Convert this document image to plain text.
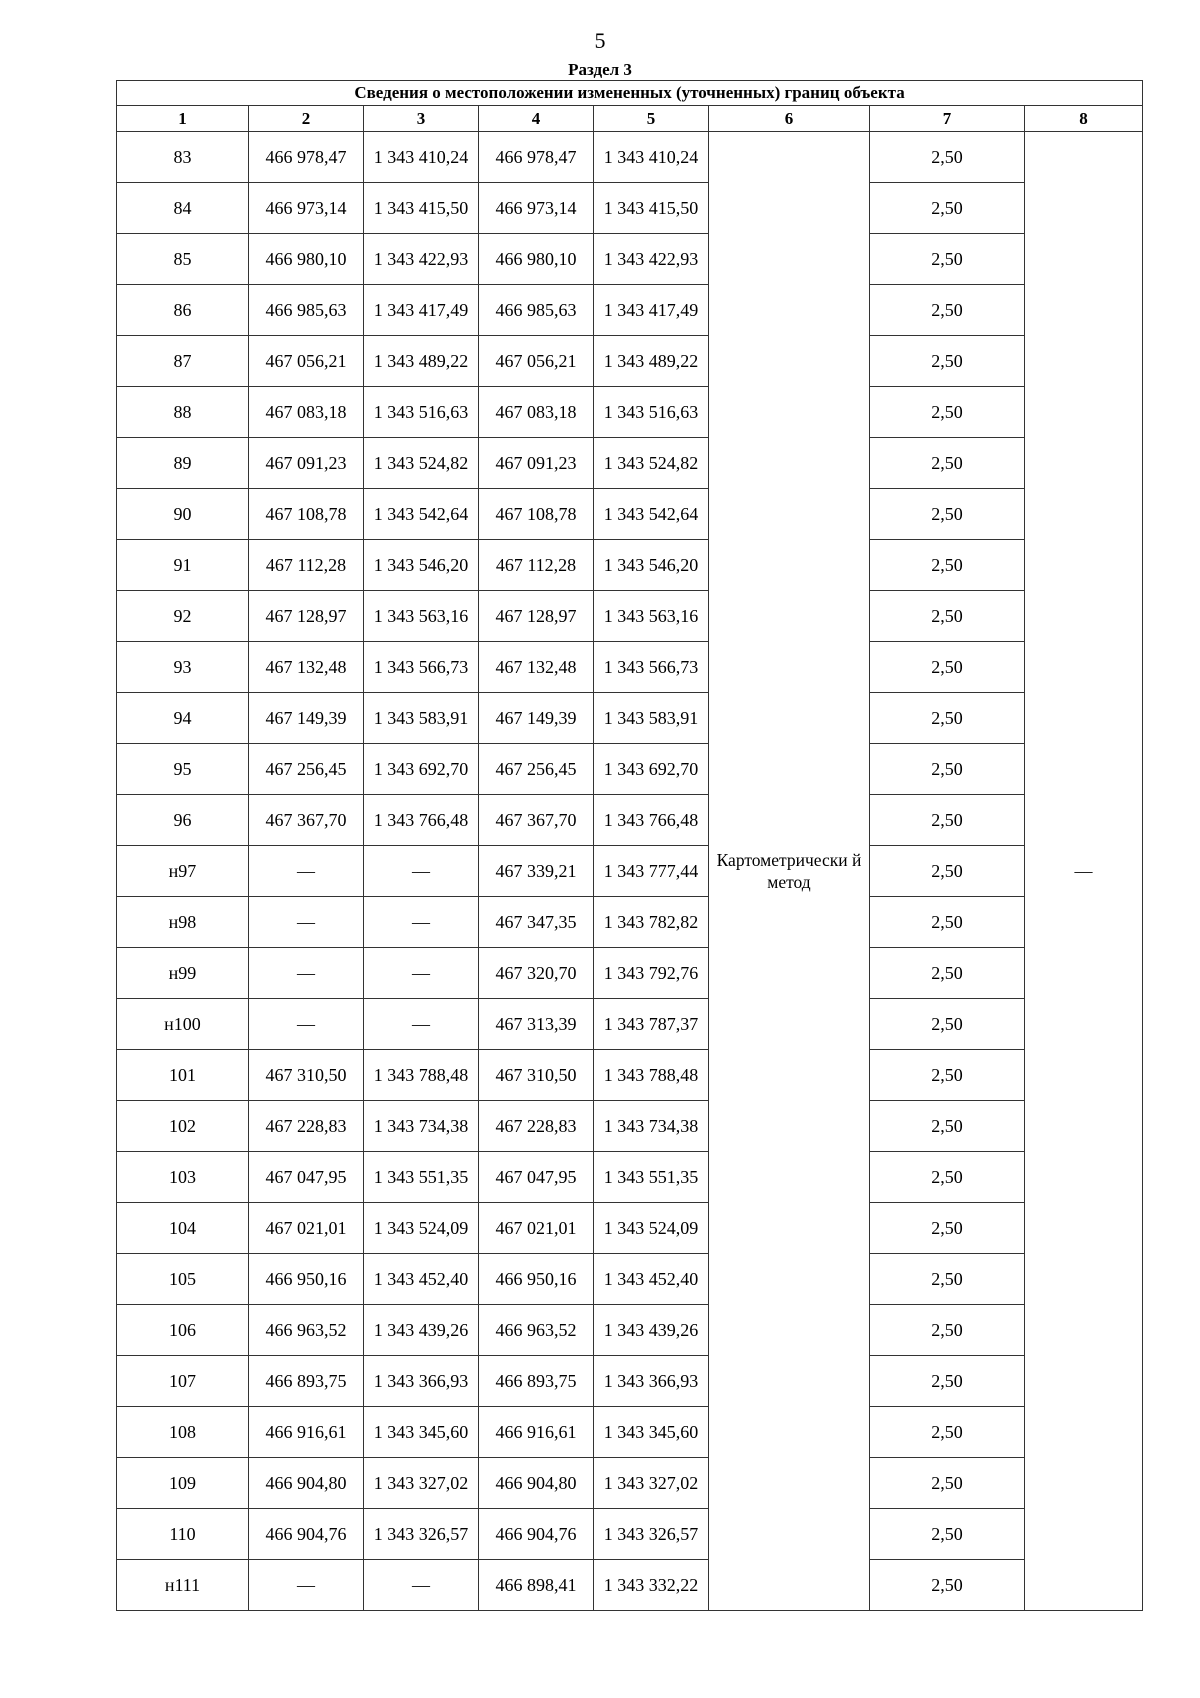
5
Раздел 3
Сведения о местоположении измененных (уточненных) границ объекта							
1	2	3	4	5	6	7	8
83	466 978,47	1 343 410,24	466 978,47	1 343 410,24	Картометрически й метод	2,50	—
84	466 973,14	1 343 415,50	466 973,14	1 343 415,50		2,50	
85	466 980,10	1 343 422,93	466 980,10	1 343 422,93		2,50	
86	466 985,63	1 343 417,49	466 985,63	1 343 417,49		2,50	
87	467 056,21	1 343 489,22	467 056,21	1 343 489,22		2,50	
88	467 083,18	1 343 516,63	467 083,18	1 343 516,63		2,50	
89	467 091,23	1 343 524,82	467 091,23	1 343 524,82		2,50	
90	467 108,78	1 343 542,64	467 108,78	1 343 542,64		2,50	
91	467 112,28	1 343 546,20	467 112,28	1 343 546,20		2,50	
92	467 128,97	1 343 563,16	467 128,97	1 343 563,16		2,50	
93	467 132,48	1 343 566,73	467 132,48	1 343 566,73		2,50	
94	467 149,39	1 343 583,91	467 149,39	1 343 583,91		2,50	
95	467 256,45	1 343 692,70	467 256,45	1 343 692,70		2,50	
96	467 367,70	1 343 766,48	467 367,70	1 343 766,48		2,50	
н97	—	—	467 339,21	1 343 777,44		2,50	
н98	—	—	467 347,35	1 343 782,82		2,50	
н99	—	—	467 320,70	1 343 792,76		2,50	
н100	—	—	467 313,39	1 343 787,37		2,50	
101	467 310,50	1 343 788,48	467 310,50	1 343 788,48		2,50	
102	467 228,83	1 343 734,38	467 228,83	1 343 734,38		2,50	
103	467 047,95	1 343 551,35	467 047,95	1 343 551,35		2,50	
104	467 021,01	1 343 524,09	467 021,01	1 343 524,09		2,50	
105	466 950,16	1 343 452,40	466 950,16	1 343 452,40		2,50	
106	466 963,52	1 343 439,26	466 963,52	1 343 439,26		2,50	
107	466 893,75	1 343 366,93	466 893,75	1 343 366,93		2,50	
108	466 916,61	1 343 345,60	466 916,61	1 343 345,60		2,50	
109	466 904,80	1 343 327,02	466 904,80	1 343 327,02		2,50	
110	466 904,76	1 343 326,57	466 904,76	1 343 326,57		2,50	
н111	—	—	466 898,41	1 343 332,22		2,50	
